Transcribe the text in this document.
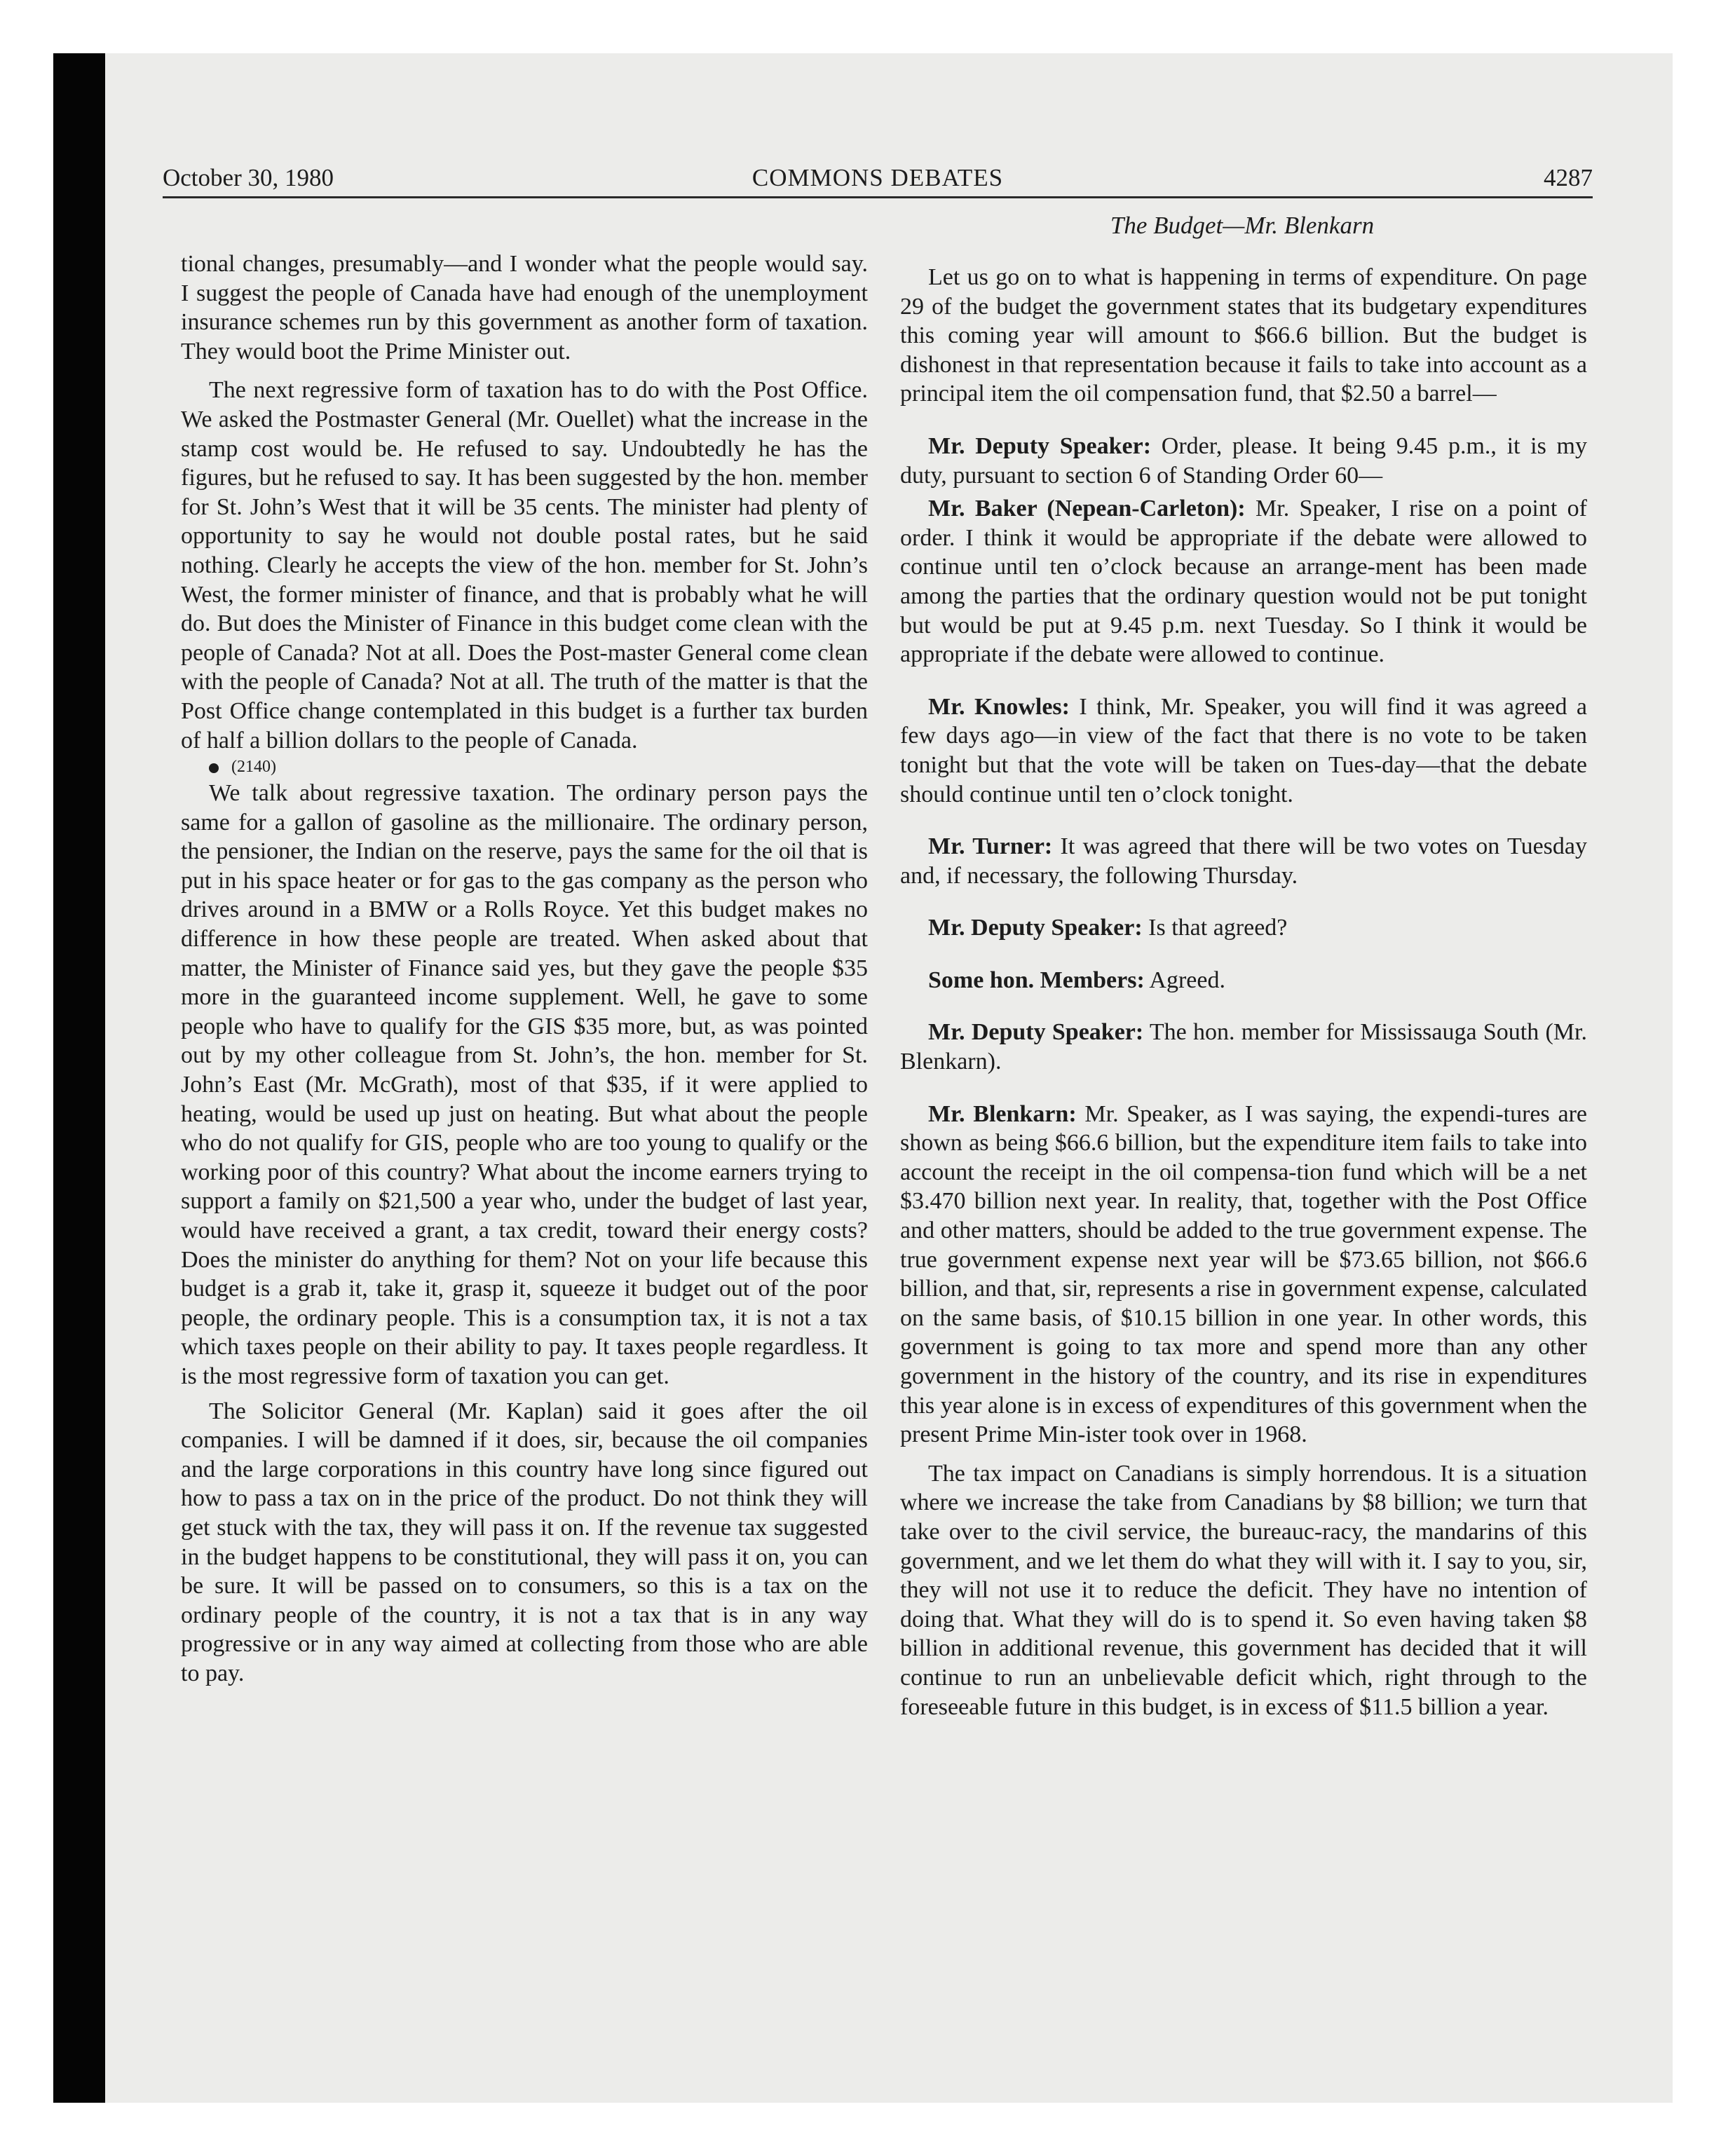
October 30, 1980	COMMONS DEBATES	4287
The Budget—Mr. Blenkarn

tional changes, presumably—and I wonder what the people would say. I suggest the people of Canada have had enough of the unemployment insurance schemes run by this government as another form of taxation. They would boot the Prime Minister out.

The next regressive form of taxation has to do with the Post Office. We asked the Postmaster General (Mr. Ouellet) what the increase in the stamp cost would be. He refused to say. Undoubtedly he has the figures, but he refused to say. It has been suggested by the hon. member for St. John’s West that it will be 35 cents. The minister had plenty of opportunity to say he would not double postal rates, but he said nothing. Clearly he accepts the view of the hon. member for St. John’s West, the former minister of finance, and that is probably what he will do. But does the Minister of Finance in this budget come clean with the people of Canada? Not at all. Does the Post-master General come clean with the people of Canada? Not at all. The truth of the matter is that the Post Office change contemplated in this budget is a further tax burden of half a billion dollars to the people of Canada.

(2140)

We talk about regressive taxation. The ordinary person pays the same for a gallon of gasoline as the millionaire. The ordinary person, the pensioner, the Indian on the reserve, pays the same for the oil that is put in his space heater or for gas to the gas company as the person who drives around in a BMW or a Rolls Royce. Yet this budget makes no difference in how these people are treated. When asked about that matter, the Minister of Finance said yes, but they gave the people $35 more in the guaranteed income supplement. Well, he gave to some people who have to qualify for the GIS $35 more, but, as was pointed out by my other colleague from St. John’s, the hon. member for St. John’s East (Mr. McGrath), most of that $35, if it were applied to heating, would be used up just on heating. But what about the people who do not qualify for GIS, people who are too young to qualify or the working poor of this country? What about the income earners trying to support a family on $21,500 a year who, under the budget of last year, would have received a grant, a tax credit, toward their energy costs? Does the minister do anything for them? Not on your life because this budget is a grab it, take it, grasp it, squeeze it budget out of the poor people, the ordinary people. This is a consumption tax, it is not a tax which taxes people on their ability to pay. It taxes people regardless. It is the most regressive form of taxation you can get.

The Solicitor General (Mr. Kaplan) said it goes after the oil companies. I will be damned if it does, sir, because the oil companies and the large corporations in this country have long since figured out how to pass a tax on in the price of the product. Do not think they will get stuck with the tax, they will pass it on. If the revenue tax suggested in the budget happens to be constitutional, they will pass it on, you can be sure. It will be passed on to consumers, so this is a tax on the ordinary people of the country, it is not a tax that is in any way progressive or in any way aimed at collecting from those who are able to pay.

Let us go on to what is happening in terms of expenditure. On page 29 of the budget the government states that its budgetary expenditures this coming year will amount to $66.6 billion. But the budget is dishonest in that representation because it fails to take into account as a principal item the oil compensation fund, that $2.50 a barrel—

Mr. Deputy Speaker: Order, please. It being 9.45 p.m., it is my duty, pursuant to section 6 of Standing Order 60—

Mr. Baker (Nepean-Carleton): Mr. Speaker, I rise on a point of order. I think it would be appropriate if the debate were allowed to continue until ten o’clock because an arrange-ment has been made among the parties that the ordinary question would not be put tonight but would be put at 9.45 p.m. next Tuesday. So I think it would be appropriate if the debate were allowed to continue.

Mr. Knowles: I think, Mr. Speaker, you will find it was agreed a few days ago—in view of the fact that there is no vote to be taken tonight but that the vote will be taken on Tues-day—that the debate should continue until ten o’clock tonight.

Mr. Turner: It was agreed that there will be two votes on Tuesday and, if necessary, the following Thursday.

Mr. Deputy Speaker: Is that agreed?

Some hon. Members: Agreed.

Mr. Deputy Speaker: The hon. member for Mississauga South (Mr. Blenkarn).

Mr. Blenkarn: Mr. Speaker, as I was saying, the expendi-tures are shown as being $66.6 billion, but the expenditure item fails to take into account the receipt in the oil compensa-tion fund which will be a net $3.470 billion next year. In reality, that, together with the Post Office and other matters, should be added to the true government expense. The true government expense next year will be $73.65 billion, not $66.6 billion, and that, sir, represents a rise in government expense, calculated on the same basis, of $10.15 billion in one year. In other words, this government is going to tax more and spend more than any other government in the history of the country, and its rise in expenditures this year alone is in excess of expenditures of this government when the present Prime Min-ister took over in 1968.

The tax impact on Canadians is simply horrendous. It is a situation where we increase the take from Canadians by $8 billion; we turn that take over to the civil service, the bureauc-racy, the mandarins of this government, and we let them do what they will with it. I say to you, sir, they will not use it to reduce the deficit. They have no intention of doing that. What they will do is to spend it. So even having taken $8 billion in additional revenue, this government has decided that it will continue to run an unbelievable deficit which, right through to the foreseeable future in this budget, is in excess of $11.5 billion a year.
